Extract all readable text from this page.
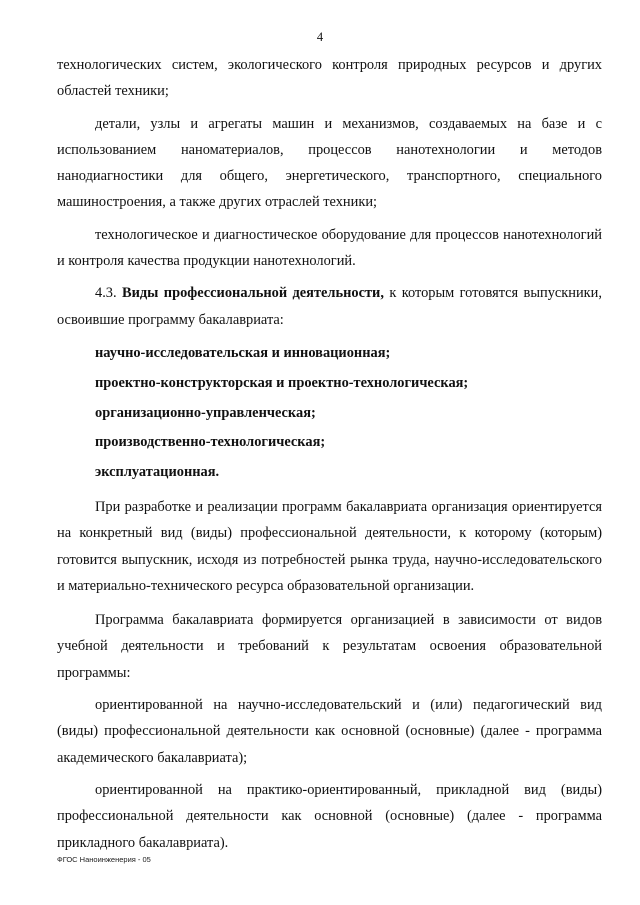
4

технологических систем, экологического контроля природных ресурсов и других областей техники;

детали, узлы и агрегаты машин и механизмов, создаваемых на базе и с использованием наноматериалов, процессов нанотехнологии и методов нанодиагностики для общего, энергетического, транспортного, специального машиностроения, а также других отраслей техники;

технологическое и диагностическое оборудование для процессов нанотехнологий и контроля качества продукции нанотехнологий.

4.3. Виды профессиональной деятельности, к которым готовятся выпускники, освоившие программу бакалавриата:

научно-исследовательская и инновационная;

проектно-конструкторская и проектно-технологическая;

организационно-управленческая;

производственно-технологическая;

эксплуатационная.

При разработке и реализации программ бакалавриата организация ориентируется на конкретный вид (виды) профессиональной деятельности, к которому (которым) готовится выпускник, исходя из потребностей рынка труда, научно-исследовательского и материально-технического ресурса образовательной организации.

Программа бакалавриата формируется организацией в зависимости от видов учебной деятельности и требований к результатам освоения образовательной программы:

ориентированной на научно-исследовательский и (или) педагогический вид (виды) профессиональной деятельности как основной (основные) (далее - программа академического бакалавриата);

ориентированной на практико-ориентированный, прикладной вид (виды) профессиональной деятельности как основной (основные) (далее - программа прикладного бакалавриата).

ФГОС Наноинженерия - 05
